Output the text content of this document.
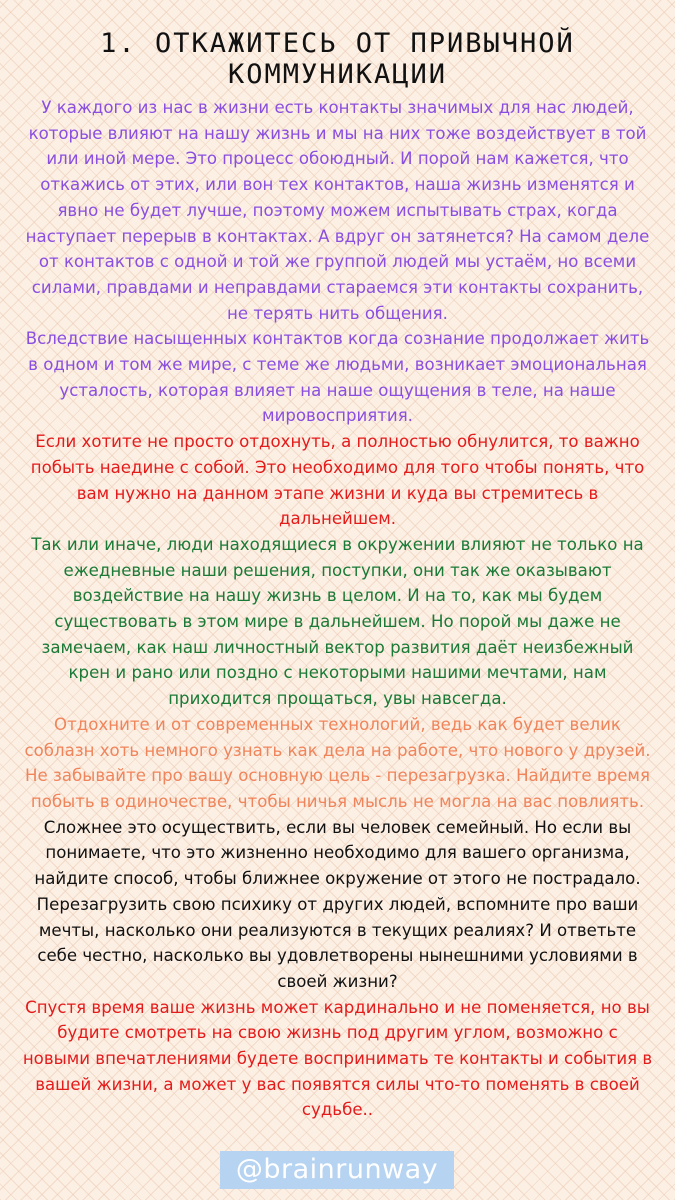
1. ОТКАЖИТЕСЬ ОТ ПРИВЫЧНОЙ КОММУНИКАЦИИ

У каждого из нас в жизни есть контакты значимых для нас людей, которые влияют на нашу жизнь и мы на них тоже воздействует в той или иной мере. Это процесс обоюдный. И порой нам кажется, что откажись от этих, или вон тех контактов, наша жизнь изменятся и явно не будет лучше, поэтому можем испытывать страх, когда наступает перерыв в контактах. А вдруг он затянется? На самом деле от контактов с одной и той же группой людей мы устаём, но всеми силами, правдами и неправдами стараемся эти контакты сохранить, не терять нить общения.

Вследствие насыщенных контактов когда сознание продолжает жить в одном и том же мире, с теме же людьми, возникает эмоциональная усталость, которая влияет на наше ощущения в теле, на наше мировосприятия.

Если хотите не просто отдохнуть, а полностью обнулится, то важно побыть наедине с собой. Это необходимо для того чтобы понять, что вам нужно на данном этапе жизни и куда вы стремитесь в дальнейшем.

Так или иначе, люди находящиеся в окружении влияют не только на ежедневные наши решения, поступки, они так же оказывают воздействие на нашу жизнь в целом. И на то, как мы будем существовать в этом мире в дальнейшем. Но порой мы даже не замечаем, как наш личностный вектор развития даёт неизбежный крен и рано или поздно с некоторыми нашими мечтами, нам приходится прощаться, увы навсегда.

Отдохните и от современных технологий, ведь как будет велик соблазн хоть немного узнать как дела на работе, что нового у друзей. Не забывайте про вашу основную цель - перезагрузка. Найдите время побыть в одиночестве, чтобы ничья мысль не могла на вас повлиять.

Сложнее это осуществить, если вы человек семейный. Но если вы понимаете, что это жизненно необходимо для вашего организма, найдите способ, чтобы ближнее окружение от этого не пострадало. Перезагрузить свою психику от других людей, вспомните про ваши мечты, насколько они реализуются в текущих реалиях? И ответьте себе честно, насколько вы удовлетворены нынешними условиями в своей жизни?

Спустя время ваше жизнь может кардинально и не поменяется, но вы будите смотреть на свою жизнь под другим углом, возможно с новыми впечатлениями будете воспринимать те контакты и события в вашей жизни, а может у вас появятся силы что-то поменять в своей судьбе..

@brainrunway
